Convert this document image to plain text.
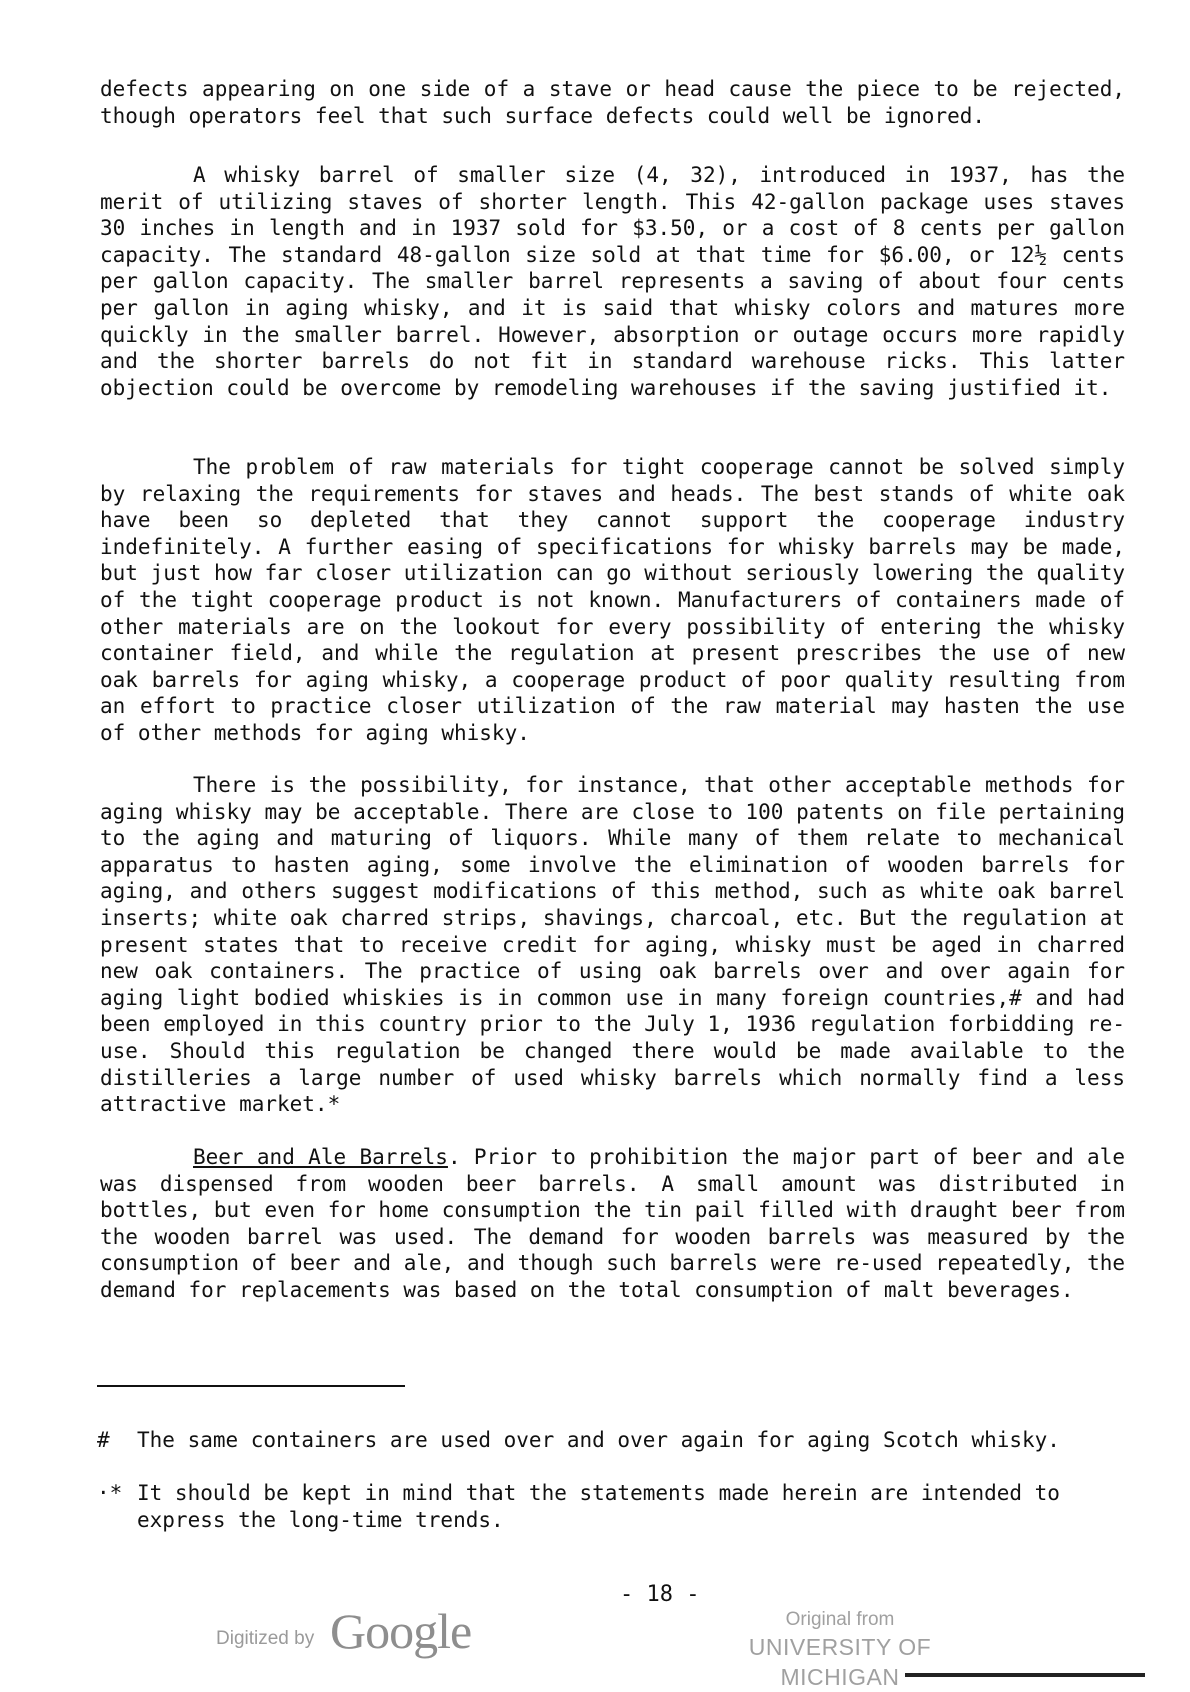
defects appearing on one side of a stave or head cause the piece to be rejected, though operators feel that such surface defects could well be ignored.

A whisky barrel of smaller size (4, 32), introduced in 1937, has the merit of utilizing staves of shorter length. This 42-gallon package uses staves 30 inches in length and in 1937 sold for $3.50, or a cost of 8 cents per gallon capacity. The standard 48-gallon size sold at that time for $6.00, or 12½ cents per gallon capacity. The smaller barrel represents a saving of about four cents per gallon in aging whisky, and it is said that whisky colors and matures more quickly in the smaller barrel. However, absorption or outage occurs more rapidly and the shorter barrels do not fit in standard warehouse ricks. This latter objection could be overcome by remodeling warehouses if the saving justified it.

The problem of raw materials for tight cooperage cannot be solved simply by relaxing the requirements for staves and heads. The best stands of white oak have been so depleted that they cannot support the cooperage industry indefinitely. A further easing of specifications for whisky barrels may be made, but just how far closer utilization can go without seriously lowering the quality of the tight cooperage product is not known. Manufacturers of containers made of other materials are on the lookout for every possibility of entering the whisky container field, and while the regulation at present prescribes the use of new oak barrels for aging whisky, a cooperage product of poor quality resulting from an effort to practice closer utilization of the raw material may hasten the use of other methods for aging whisky.

There is the possibility, for instance, that other acceptable methods for aging whisky may be acceptable. There are close to 100 patents on file pertaining to the aging and maturing of liquors. While many of them relate to mechanical apparatus to hasten aging, some involve the elimination of wooden barrels for aging, and others suggest modifications of this method, such as white oak barrel inserts; white oak charred strips, shavings, charcoal, etc. But the regulation at present states that to receive credit for aging, whisky must be aged in charred new oak containers. The practice of using oak barrels over and over again for aging light bodied whiskies is in common use in many foreign countries,# and had been employed in this country prior to the July 1, 1936 regulation forbidding re-use. Should this regulation be changed there would be made available to the distilleries a large number of used whisky barrels which normally find a less attractive market.*

Beer and Ale Barrels. Prior to prohibition the major part of beer and ale was dispensed from wooden beer barrels. A small amount was distributed in bottles, but even for home consumption the tin pail filled with draught beer from the wooden barrel was used. The demand for wooden barrels was measured by the consumption of beer and ale, and though such barrels were re-used repeatedly, the demand for replacements was based on the total consumption of malt beverages.

#	The same containers are used over and over again for aging Scotch whisky.

·* It should be kept in mind that the statements made herein are intended to express the long-time trends.

- 18 -
Digitized by Google	Original from
UNIVERSITY OF MICHIGAN
